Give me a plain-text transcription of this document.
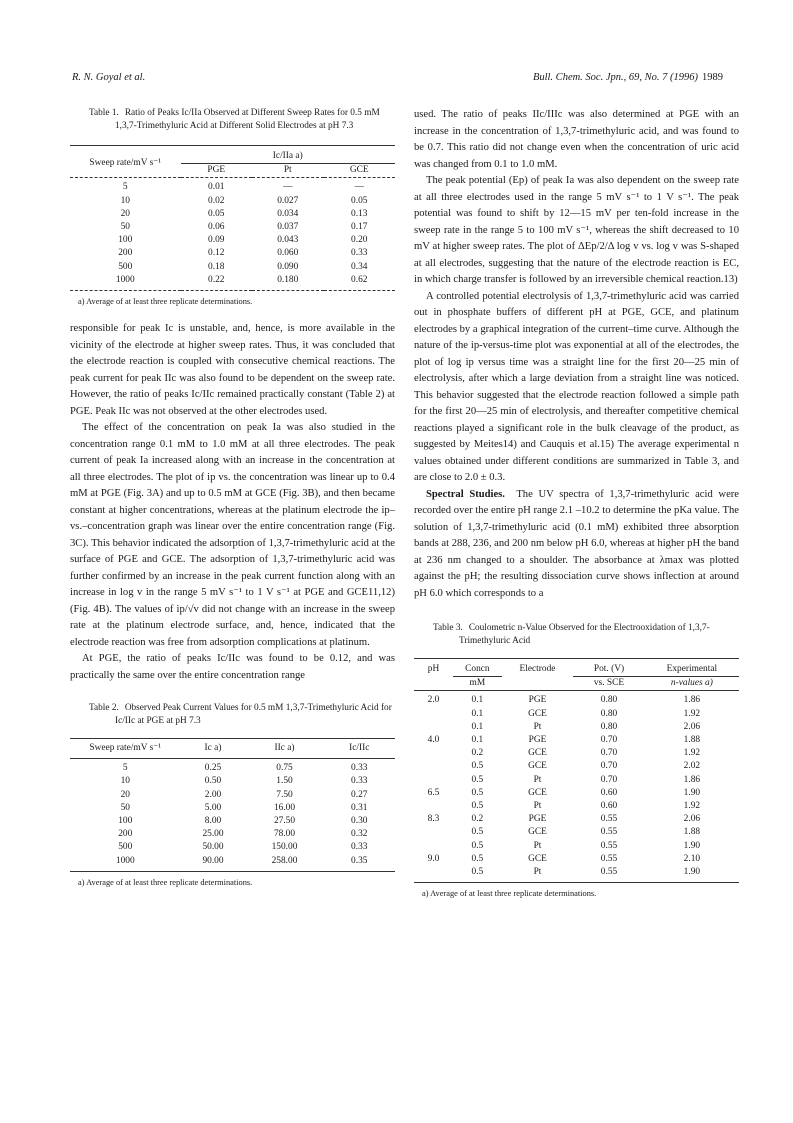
R. N. Goyal et al.	Bull. Chem. Soc. Jpn., 69, No. 7 (1996) 1989
Table 1. Ratio of Peaks Ic/IIa Observed at Different Sweep Rates for 0.5 mM 1,3,7-Trimethyluric Acid at Different Solid Electrodes at pH 7.3
Sweep rate/mV s⁻¹	Ic/IIa a)		
	PGE	Pt	GCE
5	0.01	—	—
10	0.02	0.027	0.05
20	0.05	0.034	0.13
50	0.06	0.037	0.17
100	0.09	0.043	0.20
200	0.12	0.060	0.33
500	0.18	0.090	0.34
1000	0.22	0.180	0.62
a) Average of at least three replicate determinations.

responsible for peak Ic is unstable, and, hence, is more available in the vicinity of the electrode at higher sweep rates. Thus, it was concluded that the electrode reaction is coupled with consecutive chemical reactions. The peak current for peak IIc was also found to be dependent on the sweep rate. However, the ratio of peaks Ic/IIc remained practically constant (Table 2) at PGE. Peak IIc was not observed at the other electrodes used.

The effect of the concentration on peak Ia was also studied in the concentration range 0.1 mM to 1.0 mM at all three electrodes. The peak current of peak Ia increased along with an increase in the concentration at all three electrodes. The plot of ip vs. the concentration was linear up to 0.4 mM at PGE (Fig. 3A) and up to 0.5 mM at GCE (Fig. 3B), and then became constant at higher concentrations, whereas at the platinum electrode the ip–vs.–concentration graph was linear over the entire concentration range (Fig. 3C). This behavior indicated the adsorption of 1,3,7-trimethyluric acid at the surface of PGE and GCE. The adsorption of 1,3,7-trimethyluric acid was further confirmed by an increase in the peak current function along with an increase in log v in the range 5 mV s⁻¹ to 1 V s⁻¹ at PGE and GCE11,12) (Fig. 4B). The values of ip/√v did not change with an increase in the sweep rate at the platinum electrode surface, and, hence, indicated that the electrode reaction was free from adsorption complications at platinum.

At PGE, the ratio of peaks Ic/IIc was found to be 0.12, and was practically the same over the entire concentration range

Table 2. Observed Peak Current Values for 0.5 mM 1,3,7-Trimethyluric Acid for Ic/IIc at PGE at pH 7.3
Sweep rate/mV s⁻¹	Ic a)	IIc a)	Ic/IIc
5	0.25	0.75	0.33
10	0.50	1.50	0.33
20	2.00	7.50	0.27
50	5.00	16.00	0.31
100	8.00	27.50	0.30
200	25.00	78.00	0.32
500	50.00	150.00	0.33
1000	90.00	258.00	0.35
a) Average of at least three replicate determinations.

used. The ratio of peaks IIc/IIIc was also determined at PGE with an increase in the concentration of 1,3,7-trimethyluric acid, and was found to be 0.7. This ratio did not change even when the concentration of uric acid was changed from 0.1 to 1.0 mM.

The peak potential (Ep) of peak Ia was also dependent on the sweep rate at all three electrodes used in the range 5 mV s⁻¹ to 1 V s⁻¹. The peak potential was found to shift by 12—15 mV per ten-fold increase in the sweep rate in the range 5 to 100 mV s⁻¹, whereas the shift decreased to 10 mV at higher sweep rates. The plot of ΔEp/2/Δ log v vs. log v was S-shaped at all electrodes, suggesting that the nature of the electrode reaction is EC, in which charge transfer is followed by an irreversible chemical reaction.13)

A controlled potential electrolysis of 1,3,7-trimethyluric acid was carried out in phosphate buffers of different pH at PGE, GCE, and platinum electrodes by a graphical integration of the current–time curve. Although the nature of the ip-versus-time plot was exponential at all of the electrodes, the plot of log ip versus time was a straight line for the first 20—25 min of electrolysis, after which a large deviation from a straight line was noticed. This behavior suggested that the electrode reaction followed a simple path for the first 20—25 min of electrolysis, and thereafter competitive chemical reactions played a significant role in the bulk cleavage of the product, as suggested by Meites14) and Cauquis et al.15) The average experimental n values obtained under different conditions are summarized in Table 3, and are close to 2.0 ± 0.3.

Spectral Studies. The UV spectra of 1,3,7-trimethyluric acid were recorded over the entire pH range 2.1 –10.2 to determine the pKa value. The solution of 1,3,7-trimethyluric acid (0.1 mM) exhibited three absorption bands at 288, 236, and 200 nm below pH 6.0, whereas at higher pH the band at 236 nm changed to a shoulder. The absorbance at λmax was plotted against the pH; the resulting dissociation curve shows inflection at around pH 6.0 which corresponds to a

Table 3. Coulometric n-Value Observed for the Electrooxidation of 1,3,7-Trimethyluric Acid
pH	Concn	Electrode	Pot. (V)	Experimental
	mM		vs. SCE	n-values a)
2.0	0.1	PGE	0.80	1.86
	0.1	GCE	0.80	1.92
	0.1	Pt	0.80	2.06
4.0	0.1	PGE	0.70	1.88
	0.2	GCE	0.70	1.92
	0.5	GCE	0.70	2.02
	0.5	Pt	0.70	1.86
6.5	0.5	GCE	0.60	1.90
	0.5	Pt	0.60	1.92
8.3	0.2	PGE	0.55	2.06
	0.5	GCE	0.55	1.88
	0.5	Pt	0.55	1.90
9.0	0.5	GCE	0.55	2.10
	0.5	Pt	0.55	1.90
a) Average of at least three replicate determinations.
